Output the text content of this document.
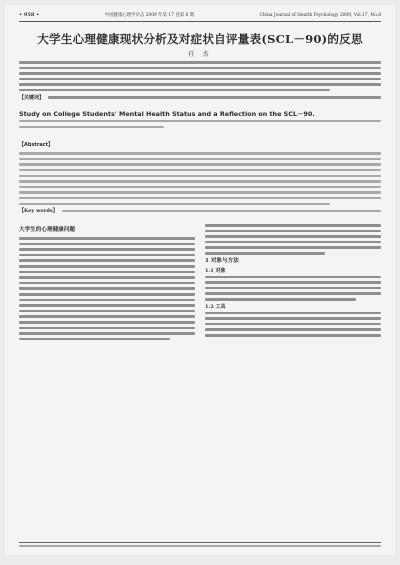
• 958 •	中国健康心理学杂志 2009 年第 17 卷第 8 期	China Journal of Health Psychology 2009, Vol.17, No.8
大学生心理健康现状分析及对症状自评量表(SCL－90)的反思
任 杰
【关键词】
Study on College Students' Mental Health Status and a Reflection on the SCL－90.
【Abstract】
【Key words】
大学生的心理健康问题
1 对象与方法
1.1 对象
1.2 工具
